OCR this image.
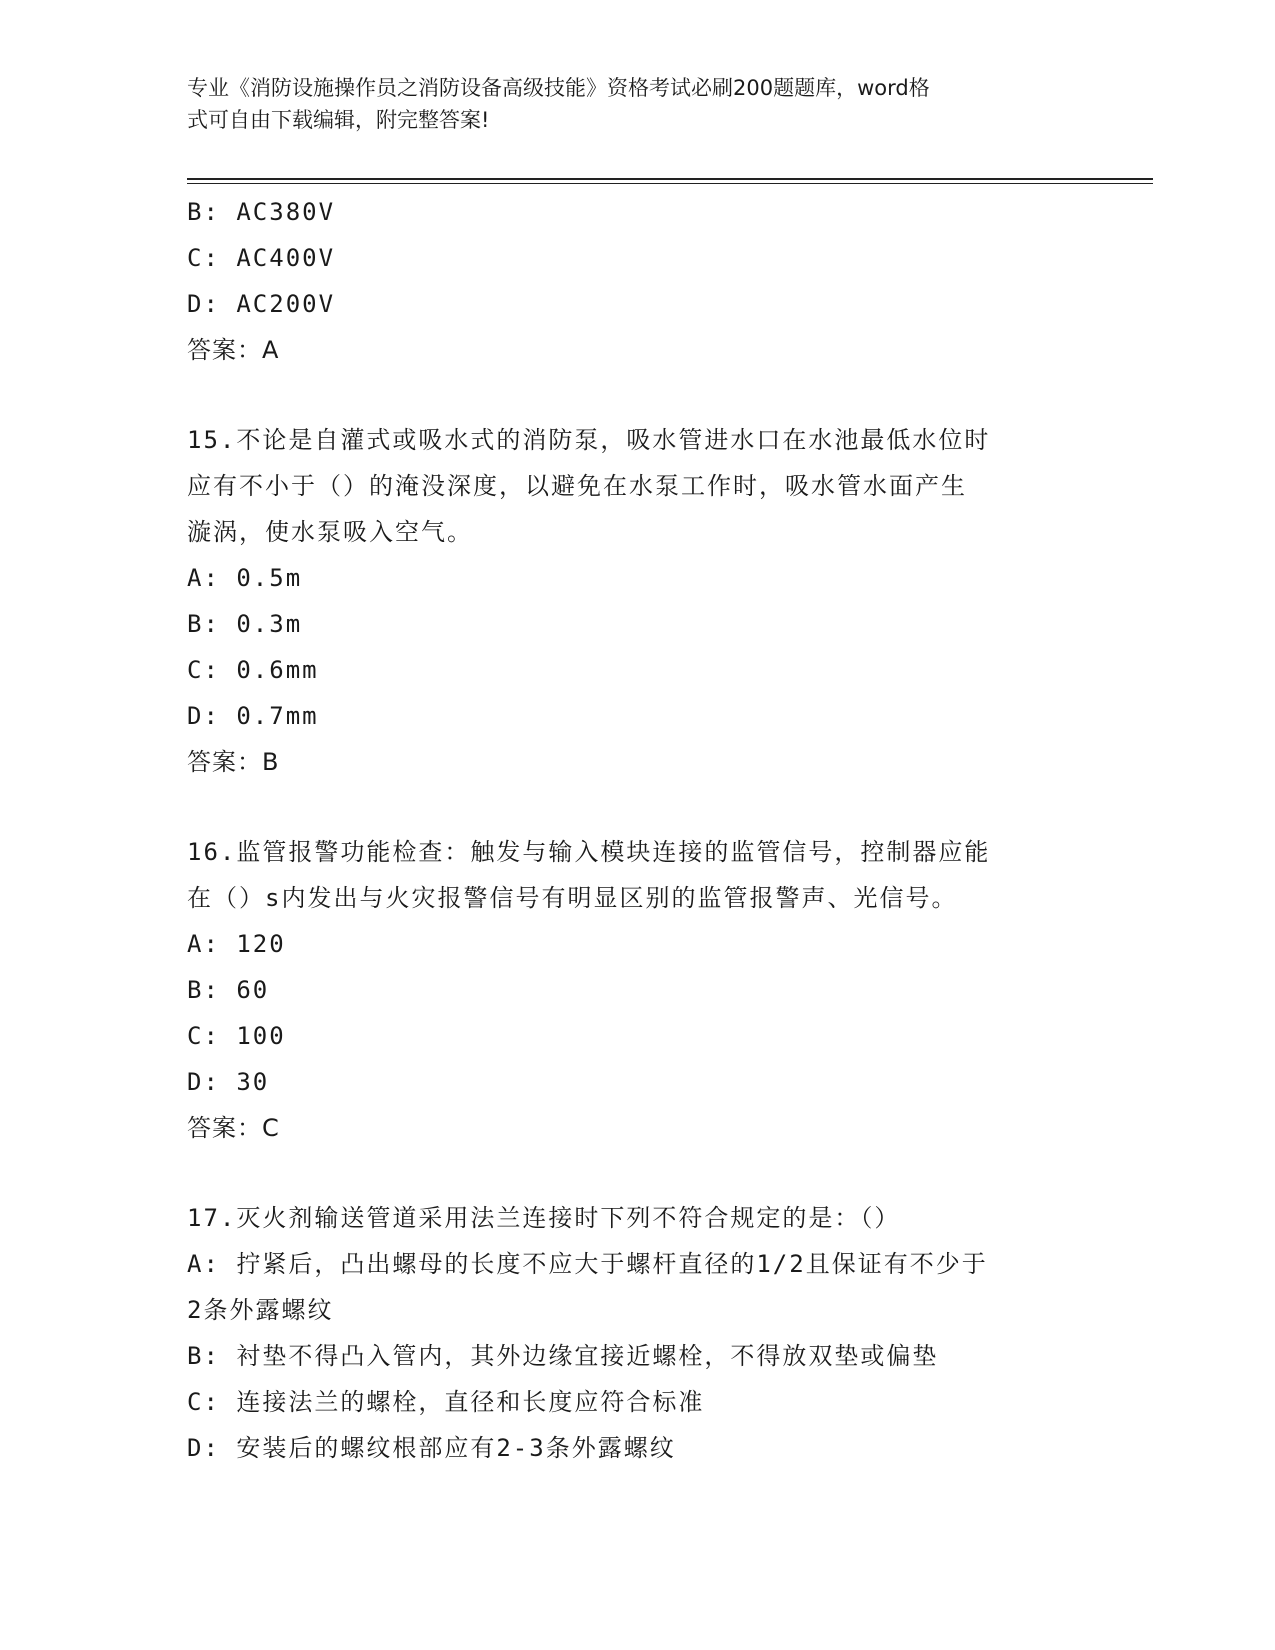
专业《消防设施操作员之消防设备高级技能》资格考试必刷200题题库，word格
式可自由下载编辑，附完整答案!
B: AC380V
C: AC400V
D: AC200V
答案：A
15.不论是自灌式或吸水式的消防泵，吸水管进水口在水池最低水位时
应有不小于（）的淹没深度，以避免在水泵工作时，吸水管水面产生
漩涡，使水泵吸入空气。
A: 0.5m
B: 0.3m
C: 0.6mm
D: 0.7mm
答案：B
16.监管报警功能检查：触发与输入模块连接的监管信号，控制器应能
在（）s内发出与火灾报警信号有明显区别的监管报警声、光信号。
A: 120
B: 60
C: 100
D: 30
答案：C
17.灭火剂输送管道采用法兰连接时下列不符合规定的是：（）
A: 拧紧后，凸出螺母的长度不应大于螺杆直径的1/2且保证有不少于
2条外露螺纹
B: 衬垫不得凸入管内，其外边缘宜接近螺栓，不得放双垫或偏垫
C: 连接法兰的螺栓，直径和长度应符合标准
D: 安装后的螺纹根部应有2-3条外露螺纹
